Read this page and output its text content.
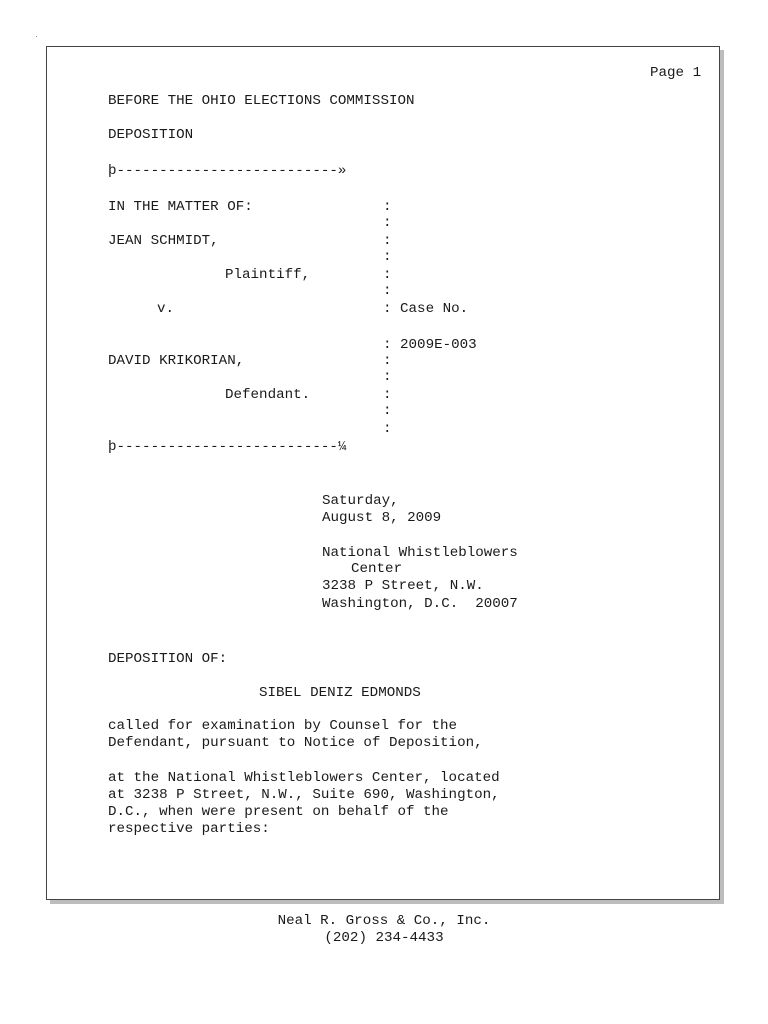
Page 1
BEFORE THE OHIO ELECTIONS COMMISSION
DEPOSITION
þ--------------------------»
IN THE MATTER OF:	:
:
JEAN SCHMIDT,	:
:
Plaintiff,	:
:
v.	: Case No.
: 2009E-003
DAVID KRIKORIAN,	:
:
Defendant.	:
:
:
þ--------------------------¼
Saturday,
August 8, 2009
National Whistleblowers
Center
3238 P Street, N.W.
Washington, D.C.  20007
DEPOSITION OF:
SIBEL DENIZ EDMONDS
called for examination by Counsel for the
Defendant, pursuant to Notice of Deposition,
at the National Whistleblowers Center, located
at 3238 P Street, N.W., Suite 690, Washington,
D.C., when were present on behalf of the
respective parties:
Neal R. Gross & Co., Inc.
(202) 234-4433
